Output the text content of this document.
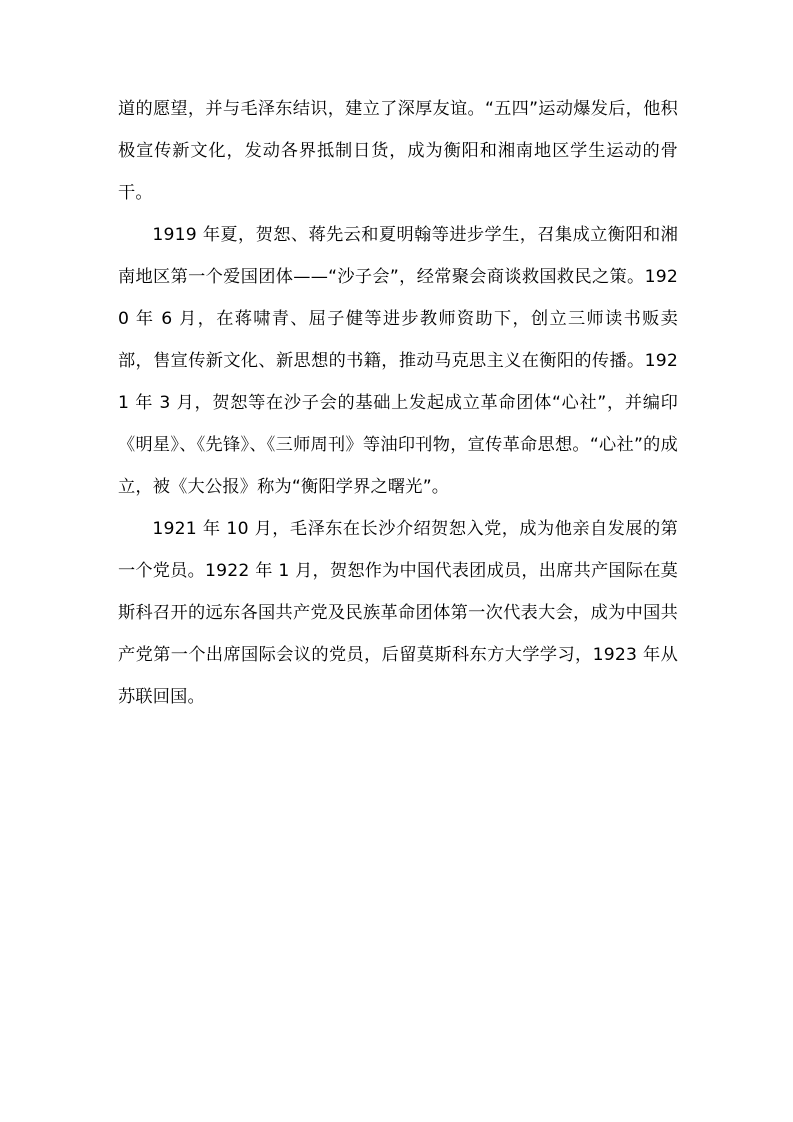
道的愿望，并与毛泽东结识，建立了深厚友谊。“五四”运动爆发后，他积极宣传新文化，发动各界抵制日货，成为衡阳和湘南地区学生运动的骨干。

1919 年夏，贺恕、蒋先云和夏明翰等进步学生，召集成立衡阳和湘南地区第一个爱国团体——“沙子会”，经常聚会商谈救国救民之策。1920 年 6 月，在蒋啸青、屈子健等进步教师资助下，创立三师读书贩卖部，售宣传新文化、新思想的书籍，推动马克思主义在衡阳的传播。1921 年 3 月，贺恕等在沙子会的基础上发起成立革命团体“心社”，并编印《明星》、《先锋》、《三师周刊》等油印刊物，宣传革命思想。“心社”的成立，被《大公报》称为“衡阳学界之曙光”。

1921 年 10 月，毛泽东在长沙介绍贺恕入党，成为他亲自发展的第一个党员。1922 年 1 月，贺恕作为中国代表团成员，出席共产国际在莫斯科召开的远东各国共产党及民族革命团体第一次代表大会，成为中国共产党第一个出席国际会议的党员，后留莫斯科东方大学学习，1923 年从苏联回国。
